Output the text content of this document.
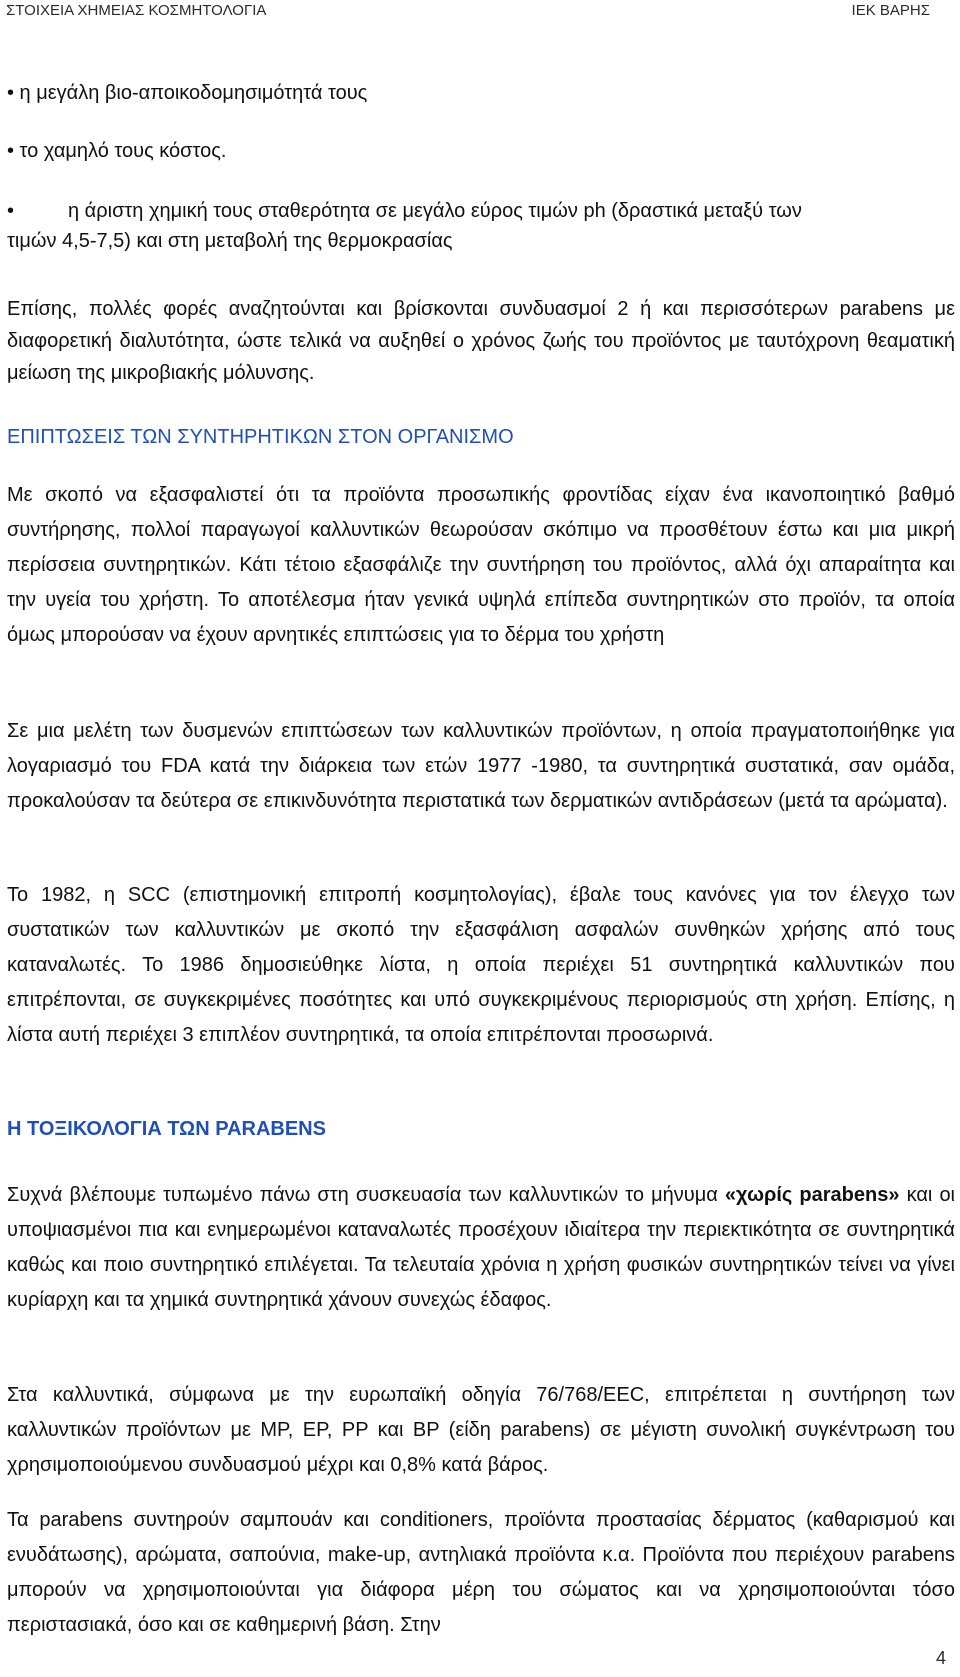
ΣΤΟΙΧΕΙΑ ΧΗΜΕΙΑΣ ΚΟΣΜΗΤΟΛΟΓΙΑ	ΙΕΚ ΒΑΡΗΣ

• η μεγάλη βιο-αποικοδομησιμότητά τους

• το χαμηλό τους κόστος.

•	η άριστη χημική τους σταθερότητα σε μεγάλο εύρος τιμών ph (δραστικά μεταξύ των
τιμών 4,5-7,5) και στη μεταβολή της θερμοκρασίας

Επίσης, πολλές φορές αναζητούνται και βρίσκονται συνδυασμοί 2 ή και περισσότερων parabens με διαφορετική διαλυτότητα, ώστε τελικά να αυξηθεί ο χρόνος ζωής του προϊόντος με ταυτόχρονη θεαματική μείωση της μικροβιακής μόλυνσης.

ΕΠΙΠΤΩΣΕΙΣ ΤΩΝ ΣΥΝΤΗΡΗΤΙΚΩΝ ΣΤΟΝ ΟΡΓΑΝΙΣΜΟ

Με σκοπό να εξασφαλιστεί ότι τα προϊόντα προσωπικής φροντίδας είχαν ένα ικανοποιητικό βαθμό συντήρησης, πολλοί παραγωγοί καλλυντικών θεωρούσαν σκόπιμο να προσθέτουν έστω και μια μικρή περίσσεια συντηρητικών. Κάτι τέτοιο εξασφάλιζε την συντήρηση του προϊόντος, αλλά όχι απαραίτητα και την υγεία του χρήστη. Το αποτέλεσμα ήταν γενικά υψηλά επίπεδα συντηρητικών στο προϊόν, τα οποία όμως μπορούσαν να έχουν αρνητικές επιπτώσεις για το δέρμα του χρήστη

Σε μια μελέτη των δυσμενών επιπτώσεων των καλλυντικών προϊόντων, η οποία πραγματοποιήθηκε για λογαριασμό του FDA κατά την διάρκεια των ετών 1977 -1980, τα συντηρητικά συστατικά, σαν ομάδα, προκαλούσαν τα δεύτερα σε επικινδυνότητα περιστατικά των δερματικών αντιδράσεων (μετά τα αρώματα).

Το 1982, η SCC (επιστημονική επιτροπή κοσμητολογίας), έβαλε τους κανόνες για τον έλεγχο των συστατικών των καλλυντικών με σκοπό την εξασφάλιση ασφαλών συνθηκών χρήσης από τους καταναλωτές. Το 1986 δημοσιεύθηκε λίστα, η οποία περιέχει 51 συντηρητικά καλλυντικών που επιτρέπονται, σε συγκεκριμένες ποσότητες και υπό συγκεκριμένους περιορισμούς στη χρήση. Επίσης, η λίστα αυτή περιέχει 3 επιπλέον συντηρητικά, τα οποία επιτρέπονται προσωρινά.

Η ΤΟΞΙΚΟΛΟΓΙΑ ΤΩΝ PARABENS

Συχνά βλέπουμε τυπωμένο πάνω στη συσκευασία των καλλυντικών το μήνυμα «χωρίς parabens» και οι υποψιασμένοι πια και ενημερωμένοι καταναλωτές προσέχουν ιδιαίτερα την περιεκτικότητα σε συντηρητικά καθώς και ποιο συντηρητικό επιλέγεται. Τα τελευταία χρόνια η χρήση φυσικών συντηρητικών τείνει να γίνει κυρίαρχη και τα χημικά συντηρητικά χάνουν συνεχώς έδαφος.

Στα καλλυντικά, σύμφωνα με την ευρωπαϊκή οδηγία 76/768/EEC, επιτρέπεται η συντήρηση των καλλυντικών προϊόντων με ΜΡ, ΕΡ, ΡΡ και ΒΡ (είδη parabens) σε μέγιστη συνολική συγκέντρωση του χρησιμοποιούμενου συνδυασμού μέχρι και 0,8% κατά βάρος.

Τα parabens συντηρούν σαμπουάν και conditioners, προϊόντα προστασίας δέρματος (καθαρισμού και ενυδάτωσης), αρώματα, σαπούνια, make-up, αντηλιακά προϊόντα κ.α. Προϊόντα που περιέχουν parabens μπορούν να χρησιμοποιούνται για διάφορα μέρη του σώματος και να χρησιμοποιούνται τόσο περιστασιακά, όσο και σε καθημερινή βάση. Στην

4
